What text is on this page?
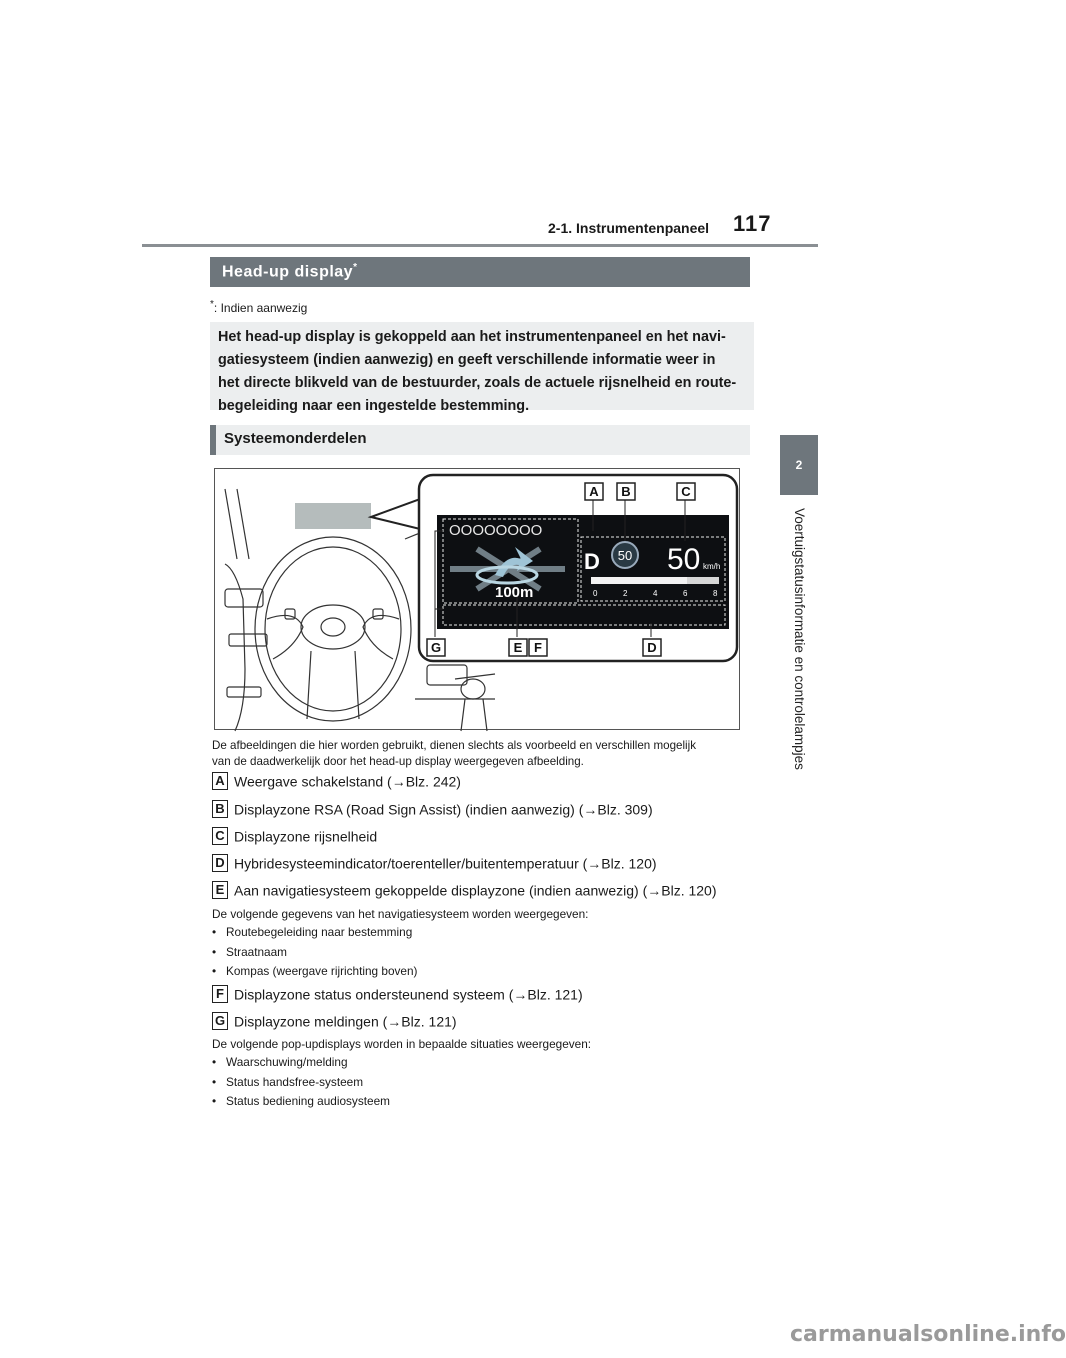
2-1. Instrumentenpaneel 117
2
Voertuigstatusinformatie en controlelampjes
Head-up display*
*: Indien aanwezig

Het head-up display is gekoppeld aan het instrumentenpaneel en het navi-
gatiesysteem (indien aanwezig) en geeft verschillende informatie weer in
het directe blikveld van de bestuurder, zoals de actuele rijsnelheid en route-
begeleiding naar een ingestelde bestemming.

Systeemonderdelen
OOOOOOOO
100m
D 50 50 km/h
0	2	4	6	8
A B	C
D
E F
G
De afbeeldingen die hier worden gebruikt, dienen slechts als voorbeeld en verschillen mogelijk
van de daadwerkelijk door het head-up display weergegeven afbeelding.
A Weergave schakelstand (→Blz. 242)
B Displayzone RSA (Road Sign Assist) (indien aanwezig) (→Blz. 309)
C Displayzone rijsnelheid
D Hybridesysteemindicator/toerenteller/buitentemperatuur (→Blz. 120)
E Aan navigatiesysteem gekoppelde displayzone (indien aanwezig) (→Blz. 120)
De volgende gegevens van het navigatiesysteem worden weergegeven:
• Routebegeleiding naar bestemming
• Straatnaam
• Kompas (weergave rijrichting boven)
F Displayzone status ondersteunend systeem (→Blz. 121)
G Displayzone meldingen (→Blz. 121)
De volgende pop-updisplays worden in bepaalde situaties weergegeven:
• Waarschuwing/melding
• Status handsfree-systeem
• Status bediening audiosysteem
carmanualsonline.info
